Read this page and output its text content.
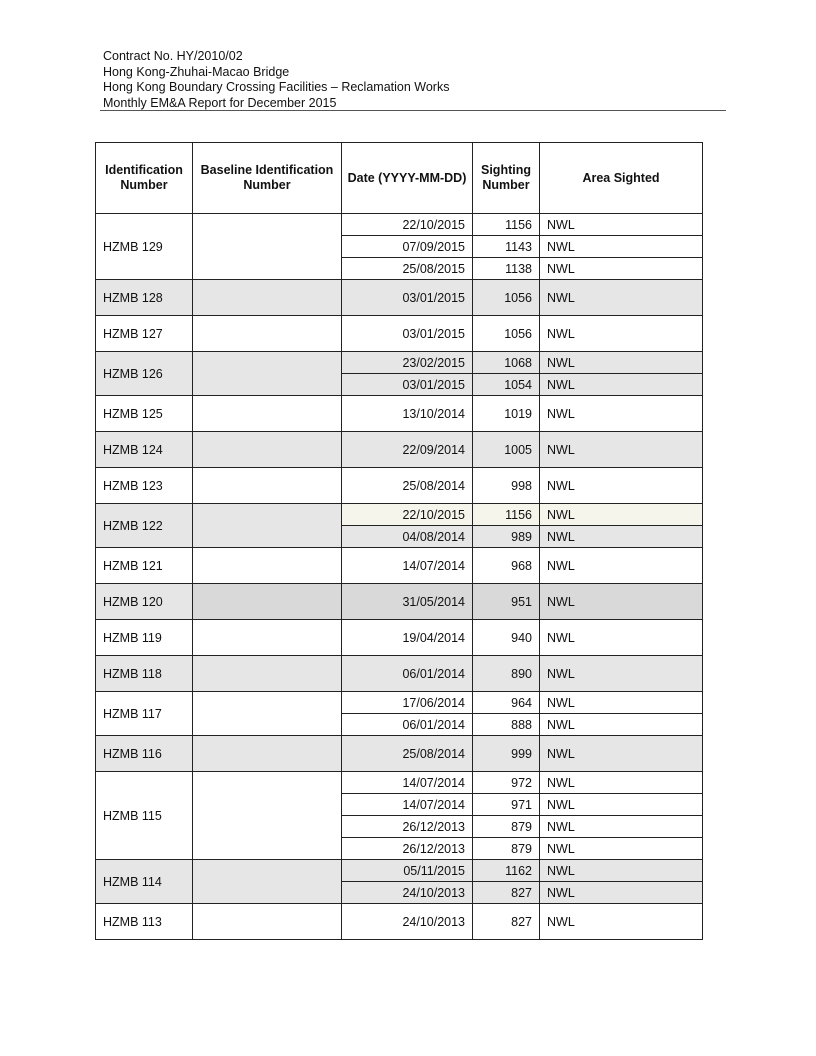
Contract No. HY/2010/02
Hong Kong-Zhuhai-Macao Bridge
Hong Kong Boundary Crossing Facilities – Reclamation Works
Monthly EM&A Report for December 2015
Identification Number	Baseline Identification Number	Date (YYYY-MM-DD)	Sighting Number	Area Sighted
HZMB 129		22/10/2015	1156	NWL
		07/09/2015	1143	NWL
		25/08/2015	1138	NWL
HZMB 128		03/01/2015	1056	NWL
HZMB 127		03/01/2015	1056	NWL
HZMB 126		23/02/2015	1068	NWL
		03/01/2015	1054	NWL
HZMB 125		13/10/2014	1019	NWL
HZMB 124		22/09/2014	1005	NWL
HZMB 123		25/08/2014	998	NWL
HZMB 122		22/10/2015	1156	NWL
		04/08/2014	989	NWL
HZMB 121		14/07/2014	968	NWL
HZMB 120		31/05/2014	951	NWL
HZMB 119		19/04/2014	940	NWL
HZMB 118		06/01/2014	890	NWL
HZMB 117		17/06/2014	964	NWL
		06/01/2014	888	NWL
HZMB 116		25/08/2014	999	NWL
HZMB 115		14/07/2014	972	NWL
		14/07/2014	971	NWL
		26/12/2013	879	NWL
		26/12/2013	879	NWL
HZMB 114		05/11/2015	1162	NWL
		24/10/2013	827	NWL
HZMB 113		24/10/2013	827	NWL
